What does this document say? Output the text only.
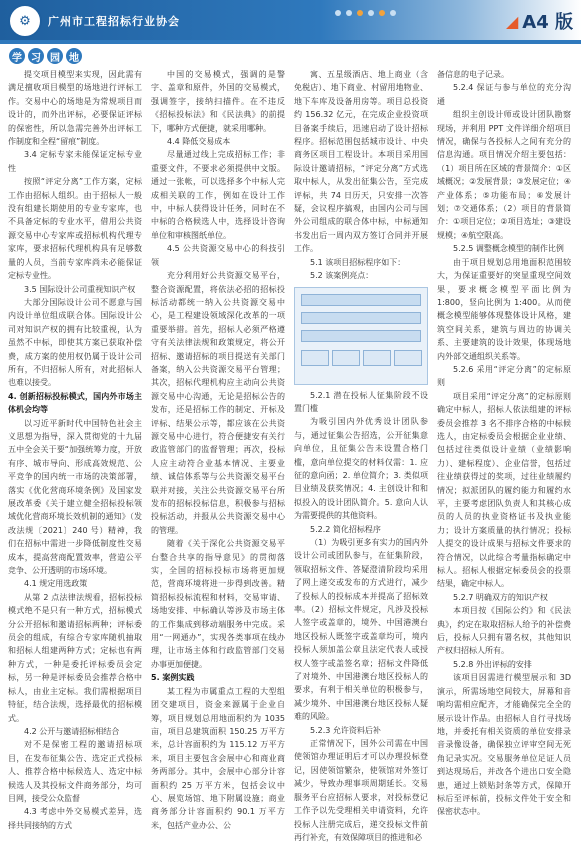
⚙	广州市工程招标行业协会	◢ A4 版
学 习 园 地

提交项目模型来实现，因此需有满足擅收项目模型的场地进行评标工作。交易中心的场地是为常规项目而设计的，而外出评标，必要保证评标的保密性，所以急需完善外出评标工作制度和全程“留痕”制度。

3.4 定标专家未能保证定标专业性

按照“评定分离”工作方案，定标工作由招标人组织。由于招标人一般没有组建长期使用的专业专家库，也不具备定标的专业水平，借用公共资源交易中心专家库或招标机构代理专家库，要求招标代理机构具有足够数量的人员，当前专家库尚未必能保证定标专业性。

3.5 国际设计公司重视知识产权

大部分国际设计公司不愿意与国内设计单位组成联合体。国际设计公司对知识产权的拥有比较重视，认为虽然不中标，即使其方案已获取补偿费，成方案的使用权仍属于设计公司所有，不归招标人所有，对此招标人也难以接受。

4. 创新招标投标模式，国内外市场主体机会均等

以习近平新时代中国特色社会主义思想为指导，深入贯彻党的十九届五中全会关于要“加强统筹力度，开放有序、城市导向、形成高效规范、公平竞争的国内统一市场的决策部署，落实《优化营商环境条例》及国家发展改革委《关于建立健全招标投标领域优化营商环境长效机制的通知》（发改法规〔2021〕240 号）精神，我们在招标中需进一步降低制度性交易成本，提高营商配置效率，营造公平竞争、公开透明的市场环境。

4.1 规定用选政策

从第 2 点法律法规看，招标投标模式绝不是只有一种方式，招标模式分公开招标和邀请招标两种；评标委员会的组成，有综合专家库随机抽取和招标人组建两种方式；定标也有两种方式，一种是委托评标委员会定标，另一种是评标委员会推荐合格中标人，由业主定标。我们需根据项目特征，结合法规，选择最优的招标模式。

4.2 公开与邀请招标相结合

对不是保密工程的邀请招标项目，在发布征集公告、选定正式投标人、推荐合格中标候选人、选定中标候选人及其投标文件商务部分，均可目网，接受公众监督

4.3 考虑中外交易模式差异，选择共同接纳的方式

中国的交易模式，强调的是警字、盖章和原件，外国的交易模式，强调签字，接纳扫描件。在不违反《招标投标法》和《民法典》的前提下，哪种方式便捷，就采用哪种。

4.4 降低交易成本

尽量通过线上完成招标工作；非重要文件，不要求必须提供中文版。通过一张帐，可以选择多个中标人完成相关联的工作，例如在设计工作中，中标人获得设计任务，同时在不中标的合格候选人中，选择设计咨询单位和审核图纸单位。

4.5 公共资源交易中心的科技引领

充分利用好公共资源交易平台，整合资源配置，将依法必招的招标投标活动都统一纳入公共资源交易中心，是工程建设领域深化改革的一项重要举措。首先，招标人必须严格遵守有关法律法规和政策规定，将公开招标、邀请招标的项目提送有关部门备案，纳入公共资源交易平台管理；其次，招标代理机构应主动向公共资源交易中心沟通，无论是招标公告的发布，还是招标工作的制定、开标及评标、结果公示等，都应该在公共资源交易中心进行，符合便捷安有关行政监管部门的监督管理；再次，投标人应主动符合业基本情况、主要业绩、诚信体系等与公共资源交易平台联并对接，关注公共资源交易平台所发布的招标投标信息，积极参与招标投标活动，并报从公共资源交易中心的管理。

随着《关于深化公共资源交易平台整合共享的指导意见》的贯彻落实，全国的招标投标市场将更加规范，营商环境将进一步得到改善。精简招标投标流程和材料，交易审请、场地安排、中标确认等涉及市场主体的工作集成到移动端服务中完成。采用“一网通办”，实现各类事项在线办理，让市场主体和行政监管部门交易办事更加便捷。

5. 案例实践

某工程为市属重点工程的大型组团交建项目，资金来源属于企业自筹，项目规划总用地面积约为 1035 亩，项目总建筑面积 150.25 万平方米，总计容面积约为 115.12 万平方米，项目主要包含会展中心和商业商务两部分。其中，会展中心部分计容面积约 25 万平方米，包括会议中心、展览场馆、地下附属设施；商业商务部分计容面积约 90.1 万平方米，包括产业办公、公

寓、五星级酒店、地上商业（含免税店）、地下商业、村留用地物业、地下车库及设备用房等。项目总投资约 156.32 亿元，在完成企业投资项目备案手续后，迅速启动了设计招标程序。招标范围包括城市设计、中央商务区项目工程设计。本项目采用国际设计邀请招标，“评定分离”方式选取中标人，从发出征集公告，至完成评标，共 74 日历天，只安排一次答疑，会议程序搞观，由国内公司与国外公司组成的联合体中标，中标通知书发出后一周内双方签订合同并开展工作。

5.1 该项目招标程序如下：

5.2 该案例亮点：

5.2.1 潜在投标人征集阶段不设置门槛

为吸引国内外优秀设计团队参与，通过征集公告招选，公开征集意向单位，且征集公告未设置合格门槛，意向单位提交的材料仅需：1. 应征的意向函；2. 单位简介；3. 类似项目业绩及获奖情况；4. 主创设计和和拟投入的设计团队简介。5. 意向人认为需要提供的其他资料。

5.2.2 简化招标程序

（1）为吸引更多有实力的国内外设计公司或团队参与，在征集阶段，领取招标文件、答疑澄清阶段均采用了网上递交或发布的方式进行，减少了投标人的投标成本并提高了招标效率。（2）招标文件规定，凡涉及投标人签字或盖章的，境外、中国港澳台地区投标人既签字或盖章均可，境内投标人须加盖公章且法定代表人或授权人签字或盖签名章；招标文件降低了对境外、中国港澳台地区投标人的要求，有利于相关单位的积极参与，减少境外、中国港澳台地区投标人疑难的风险。

5.2.3 允许资料后补

正常情况下，国外公司需在中国使领馆办理证明后才可以办理投标登记，因使领馆繁杂，使领馆对外签订减少，导致办理事项周期延长。交易服务平台应招标人要求，对投标登记工作予以先受理相关申请资料，允许投标人注册完成后，递交投标文件前再行补充，有效保障项目的推进和必

备信息的电子记录。

5.2.4 保证与参与单位的充分沟通

组织主创设计师或设计团队勘察现场，并利用 PPT 文件详细介绍项目情况，确保与各投标人之间有充分的信息沟通。项目情况介绍主要包括：（1）项目所在区域的背景简介：①区域概况；②发展背景；③发展定位；④产业体系；⑤功能布局；⑥发展计划；⑦交通体系；（2）项目的背景简介：①项目定位；②项目选址；③建设规模；④航空限高。

5.2.5 调整概念模型的制作比例

由于项目规划总用地面积范围较大，为保证重要好的突显重现空间效果，要求概念模型平面比例为 1:800，竖向比例为 1:400。从而使概念模型能够体现整体设计风格，建筑空间关系，建筑与周边的协调关系、主要建筑的设计效果，体现场地内外部交通组织关系等。

5.2.6 采用“评定分离”的定标原则

项目采用“评定分离”的定标原则确定中标人，招标人依法组建的评标委员会推荐 3 名不排序合格的中标候选人，由定标委员会根据企业业绩、包括过往类似设计业绩（业绩影响力）、建标程度）、企业信誉，包括过往业绩获得过的奖项，过往业绩履约情况；拟派团队的履约能力和履约水平，主要考虑团队负责人和其核心成员的人员的执业资格证书及执业能力；设计方案质量的执行情况；投标人提交的设计成果与招标文件要求的符合情况，以此综合考量指标确定中标人。招标人根据定标委员会的投票结果，确定中标人。

5.2.7 明确双方的知识产权

本项目按《国际公约》和《民法典》，约定在取取招标人给予的补偿费后，投标人只拥有署名权，其他知识产权归招标人所有。

5.2.8 外出评标的安排

该项目因需进行模型展示和 3D 演示，所需场地空间较大，屏幕和音响均需相应配齐，才能确保完全全的展示设计作品。由招标人自行寻找场地，并委托有相关资质的单位安排录音录像设备，确保独立评审空间无死角记录实况。交易服务单位足证人员到达现场后，并改各个进出口安全隐患，通过上锁贴封条等方式，保障开标后至评标前，投标文件处于安全和保密状态中。
